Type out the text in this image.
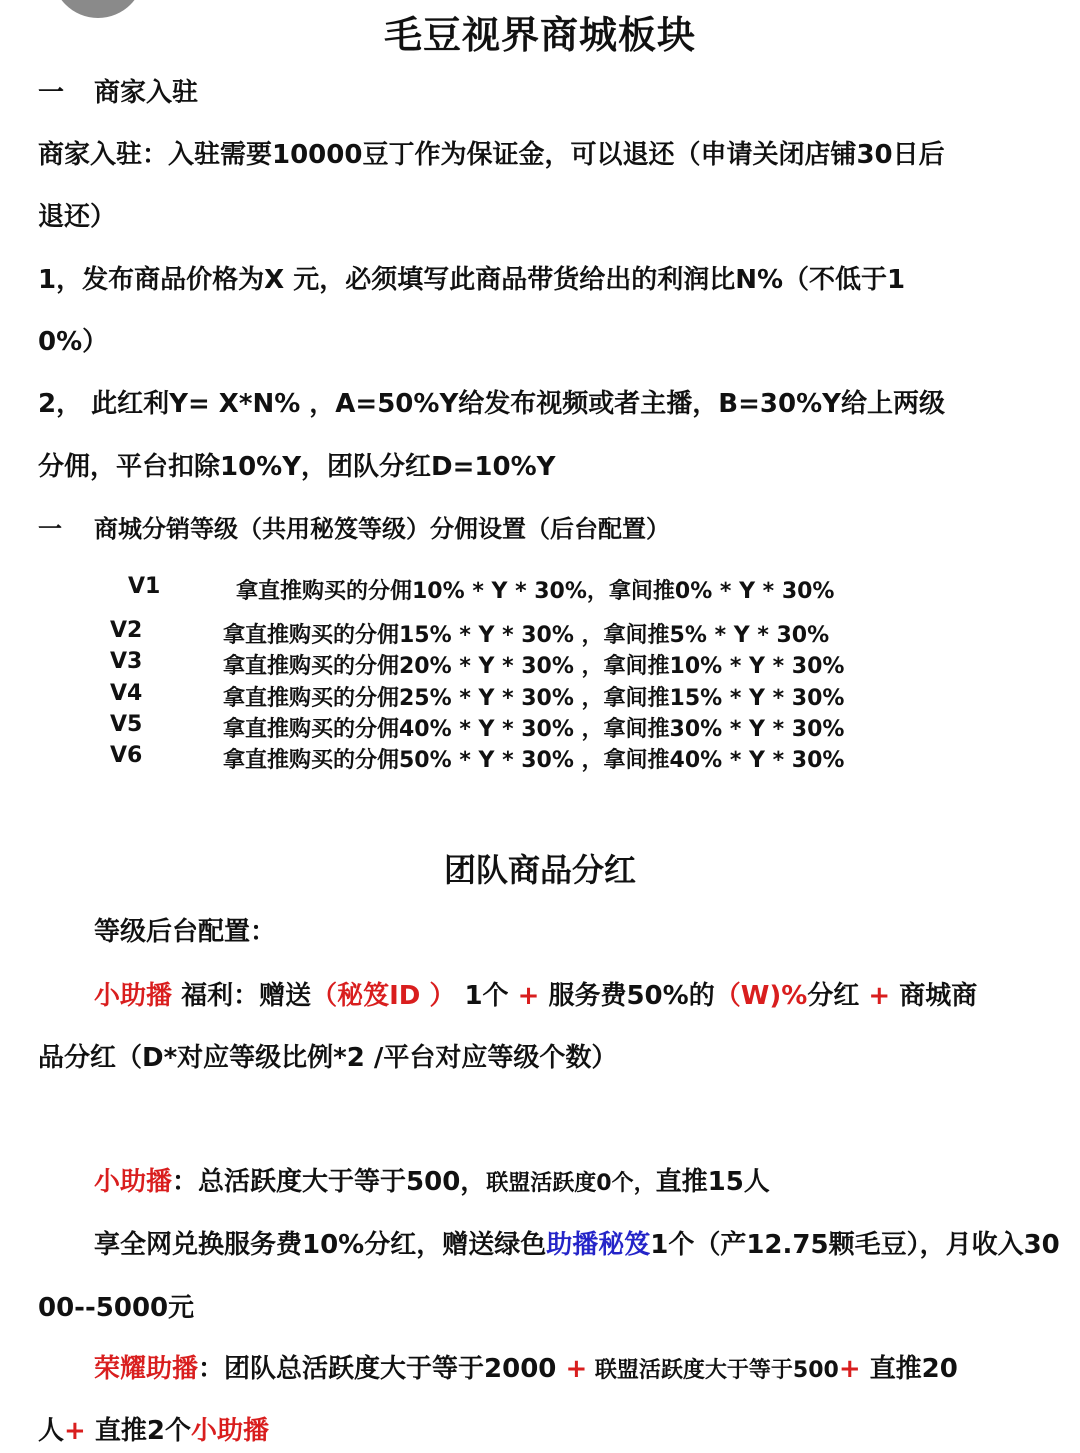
毛豆视界商城板块
一 商家入驻
商家入驻：入驻需要10000豆丁作为保证金，可以退还（申请关闭店铺30日后
退还）
1，发布商品价格为X 元，必须填写此商品带货给出的利润比N%（不低于1
0%）
2， 此红利Y= X*N% ，A=50%Y给发布视频或者主播，B=30%Y给上两级
分佣，平台扣除10%Y，团队分红D=10%Y
一 商城分销等级（共用秘笈等级）分佣设置（后台配置）
V1	拿直推购买的分佣10% * Y * 30%，拿间推0% * Y * 30%
V2	拿直推购买的分佣15% * Y * 30% ，拿间推5% * Y * 30%
V3	拿直推购买的分佣20% * Y * 30% ，拿间推10% * Y * 30%
V4	拿直推购买的分佣25% * Y * 30% ，拿间推15% * Y * 30%
V5	拿直推购买的分佣40% * Y * 30% ，拿间推30% * Y * 30%
V6	拿直推购买的分佣50% * Y * 30% ，拿间推40% * Y * 30%
团队商品分红
等级后台配置：
小助播 福利：赠送（秘笈ID ） 1个 + 服务费50%的（W)%分红 + 商城商
品分红（D*对应等级比例*2 /平台对应等级个数）
小助播：总活跃度大于等于500，联盟活跃度0个，直推15人
享全网兑换服务费10%分红，赠送绿色助播秘笈1个（产12.75颗毛豆），月收入30
00--5000元
荣耀助播：团队总活跃度大于等于2000 + 联盟活跃度大于等于500+ 直推20
人+ 直推2个小助播
